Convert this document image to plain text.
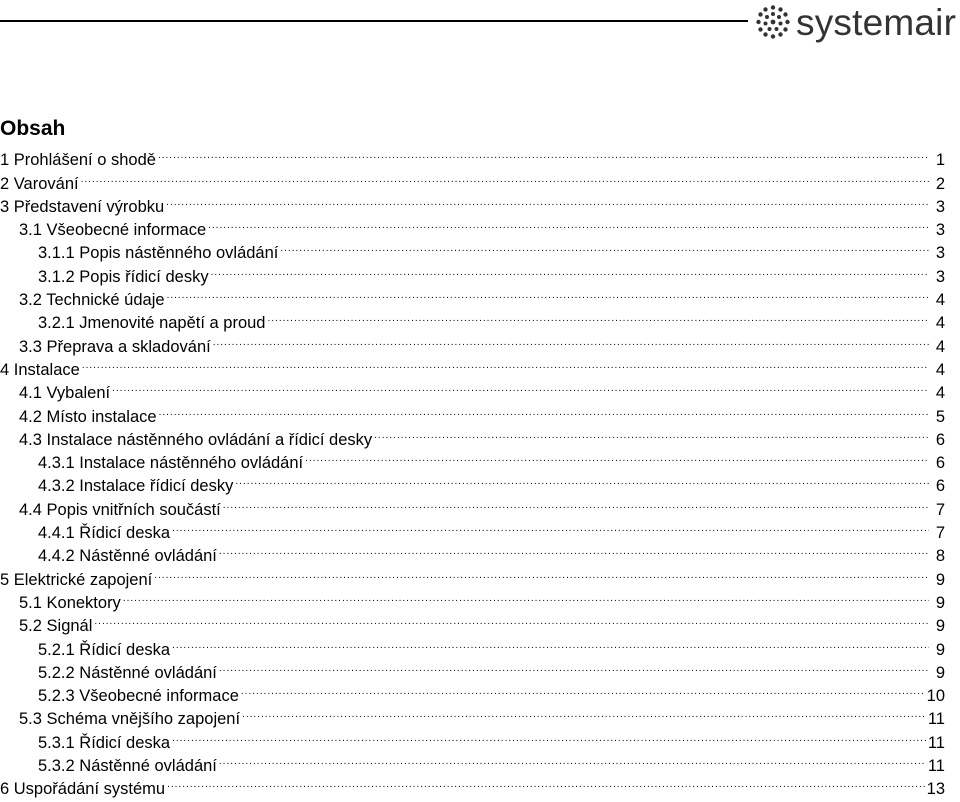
systemair
Obsah
1 Prohlášení o shodě .....	1
2 Varování .....	2
3 Představení výrobku .....	3
3.1 Všeobecné informace .....	3
3.1.1 Popis nástěnného ovládání .....	3
3.1.2 Popis řídicí desky .....	3
3.2 Technické údaje .....	4
3.2.1 Jmenovité napětí a proud .....	4
3.3 Přeprava a skladování .....	4
4 Instalace .....	4
4.1 Vybalení .....	4
4.2 Místo instalace .....	5
4.3 Instalace nástěnného ovládání a řídicí desky .....	6
4.3.1 Instalace nástěnného ovládání .....	6
4.3.2 Instalace řídicí desky .....	6
4.4 Popis vnitřních součástí .....	7
4.4.1 Řídicí deska .....	7
4.4.2 Nástěnné ovládání .....	8
5 Elektrické zapojení .....	9
5.1 Konektory .....	9
5.2 Signál .....	9
5.2.1 Řídicí deska .....	9
5.2.2 Nástěnné ovládání .....	9
5.2.3 Všeobecné informace .....	10
5.3 Schéma vnějšího zapojení .....	11
5.3.1 Řídicí deska .....	11
5.3.2 Nástěnné ovládání .....	11
6 Uspořádání systému .....	13
